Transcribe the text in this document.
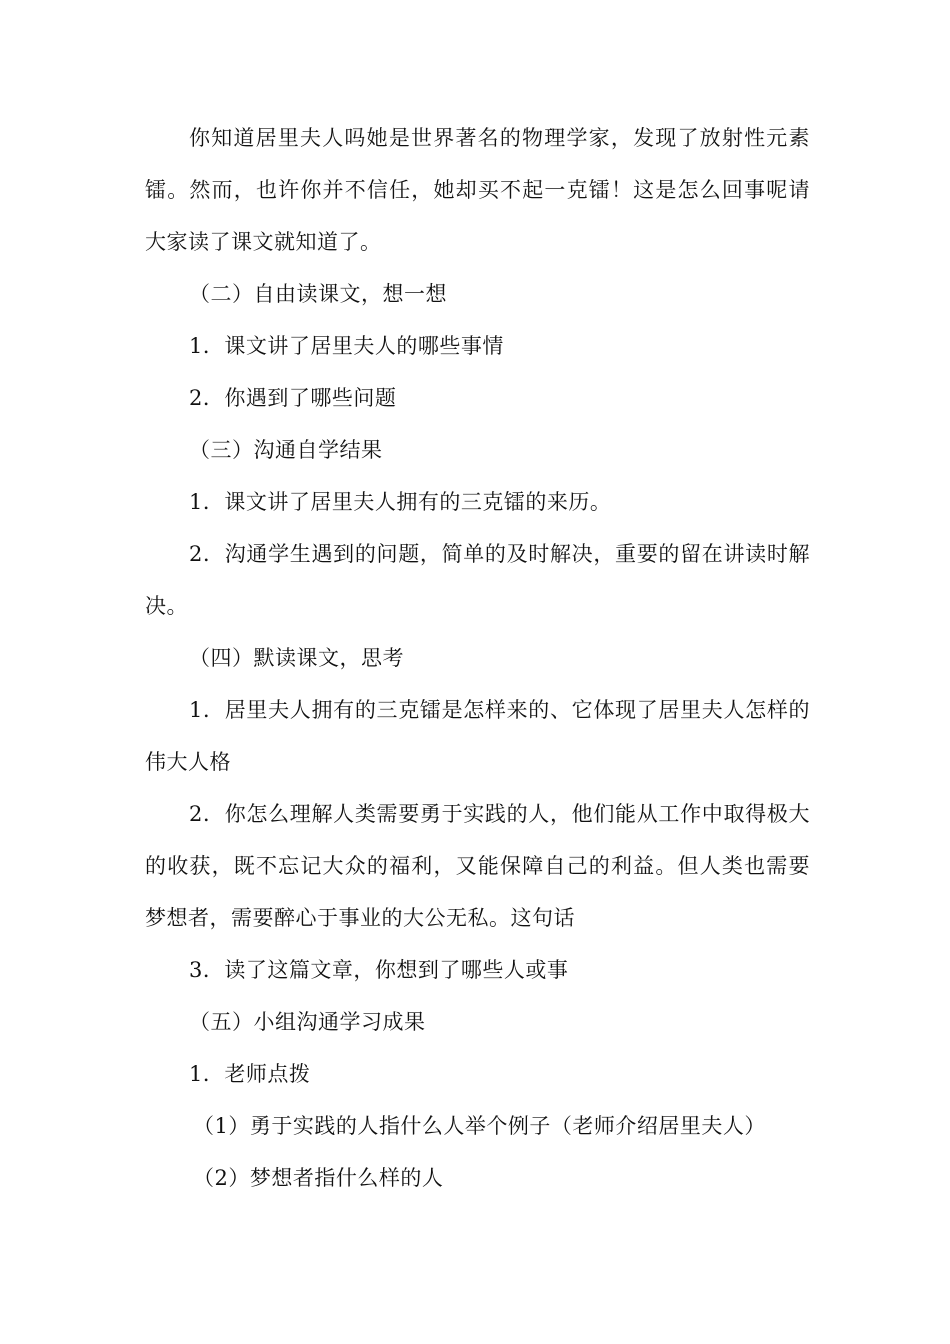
你知道居里夫人吗她是世界著名的物理学家，发现了放射性元素镭。然而，也许你并不信任，她却买不起一克镭！这是怎么回事呢请大家读了课文就知道了。

（二）自由读课文，想一想

1．课文讲了居里夫人的哪些事情

2．你遇到了哪些问题

（三）沟通自学结果

1．课文讲了居里夫人拥有的三克镭的来历。

2．沟通学生遇到的问题，简单的及时解决，重要的留在讲读时解决。

（四）默读课文，思考

1．居里夫人拥有的三克镭是怎样来的、它体现了居里夫人怎样的伟大人格

2．你怎么理解人类需要勇于实践的人，他们能从工作中取得极大的收获，既不忘记大众的福利，又能保障自己的利益。但人类也需要梦想者，需要醉心于事业的大公无私。这句话

3．读了这篇文章，你想到了哪些人或事

（五）小组沟通学习成果

1．老师点拨

（1）勇于实践的人指什么人举个例子（老师介绍居里夫人）

（2）梦想者指什么样的人
